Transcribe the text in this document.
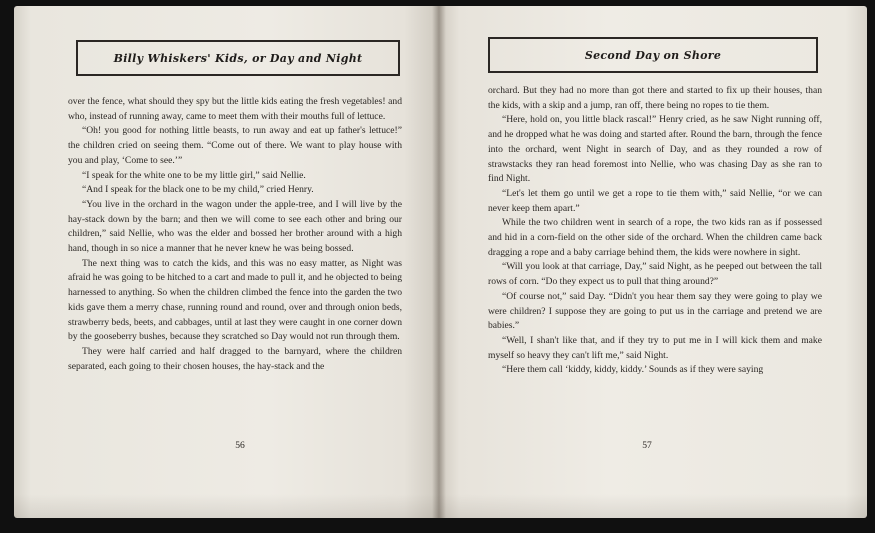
Billy Whiskers' Kids, or Day and Night

over the fence, what should they spy but the little kids eating the fresh vegetables! and who, instead of running away, came to meet them with their mouths full of lettuce.

“Oh! you good for nothing little beasts, to run away and eat up father's lettuce!” the children cried on seeing them. “Come out of there. We want to play house with you and play, ‘Come to see.’”

“I speak for the white one to be my little girl,” said Nellie.

“And I speak for the black one to be my child,” cried Henry.

“You live in the orchard in the wagon under the apple-tree, and I will live by the hay-stack down by the barn; and then we will come to see each other and bring our children,” said Nellie, who was the elder and bossed her brother around with a high hand, though in so nice a manner that he never knew he was being bossed.

The next thing was to catch the kids, and this was no easy matter, as Night was afraid he was going to be hitched to a cart and made to pull it, and he objected to being harnessed to anything. So when the children climbed the fence into the garden the two kids gave them a merry chase, running round and round, over and through onion beds, strawberry beds, beets, and cabbages, until at last they were caught in one corner down by the gooseberry bushes, because they scratched so Day would not run through them.

They were half carried and half dragged to the barnyard, where the children separated, each going to their chosen houses, the hay-stack and the

56
Second Day on Shore

orchard. But they had no more than got there and started to fix up their houses, than the kids, with a skip and a jump, ran off, there being no ropes to tie them.

“Here, hold on, you little black rascal!” Henry cried, as he saw Night running off, and he dropped what he was doing and started after. Round the barn, through the fence into the orchard, went Night in search of Day, and as they rounded a row of strawstacks they ran head foremost into Nellie, who was chasing Day as she ran to find Night.

“Let's let them go until we get a rope to tie them with,” said Nellie, “or we can never keep them apart.”

While the two children went in search of a rope, the two kids ran as if possessed and hid in a corn-field on the other side of the orchard. When the children came back dragging a rope and a baby carriage behind them, the kids were nowhere in sight.

“Will you look at that carriage, Day,” said Night, as he peeped out between the tall rows of corn. “Do they expect us to pull that thing around?”

“Of course not,” said Day. “Didn't you hear them say they were going to play we were children? I suppose they are going to put us in the carriage and pretend we are babies.”

“Well, I shan't like that, and if they try to put me in I will kick them and make myself so heavy they can't lift me,” said Night.

“Here them call ‘kiddy, kiddy, kiddy.’ Sounds as if they were saying

57
